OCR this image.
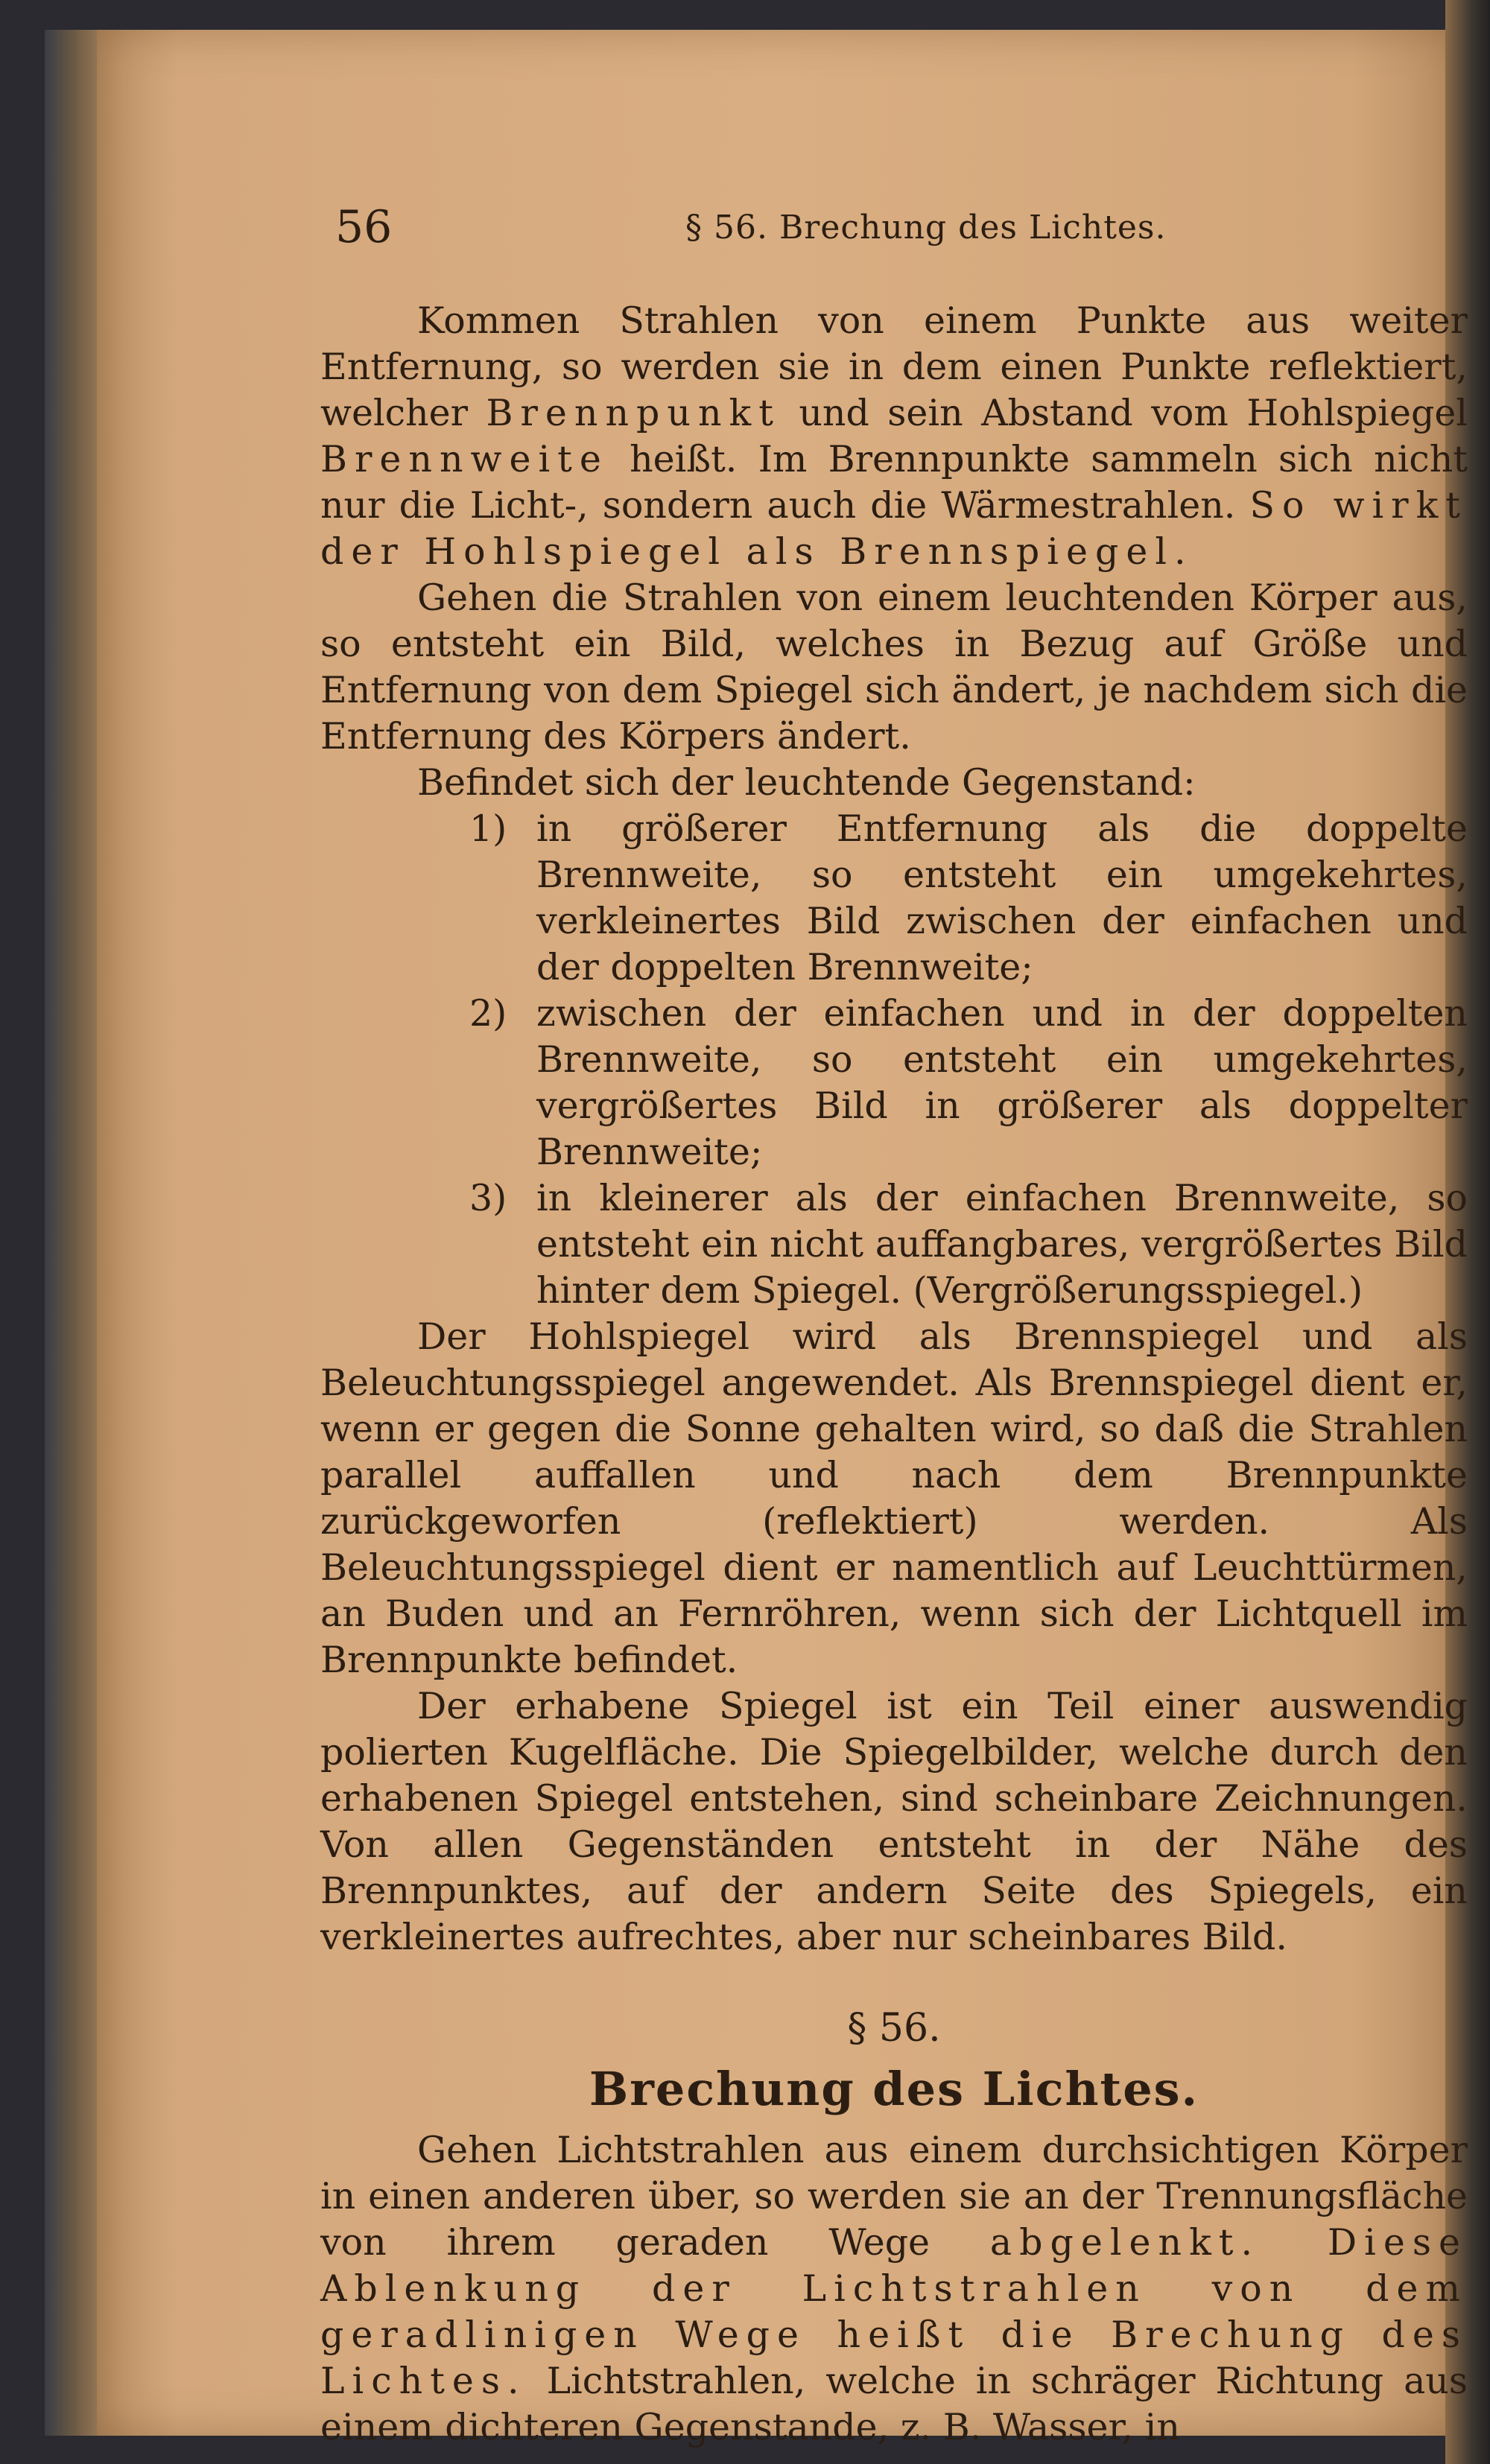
56	§ 56. Brechung des Lichtes.

Kommen Strahlen von einem Punkte aus weiter Entfernung, so werden sie in dem einen Punkte reflektiert, welcher Brennpunkt und sein Abstand vom Hohlspiegel Brennweite heißt. Im Brennpunkte sammeln sich nicht nur die Licht-, sondern auch die Wärmestrahlen. So wirkt der Hohlspiegel als Brennspiegel.

Gehen die Strahlen von einem leuchtenden Körper aus, so entsteht ein Bild, welches in Bezug auf Größe und Entfernung von dem Spiegel sich ändert, je nachdem sich die Entfernung des Körpers ändert.

Befindet sich der leuchtende Gegenstand:

1) in größerer Entfernung als die doppelte Brennweite, so entsteht ein umgekehrtes, verkleinertes Bild zwischen der einfachen und der doppelten Brennweite;
2) zwischen der einfachen und in der doppelten Brennweite, so entsteht ein umgekehrtes, vergrößertes Bild in größerer als doppelter Brennweite;
3) in kleinerer als der einfachen Brennweite, so entsteht ein nicht auffangbares, vergrößertes Bild hinter dem Spiegel. (Vergrößerungsspiegel.)

Der Hohlspiegel wird als Brennspiegel und als Beleuchtungsspiegel angewendet. Als Brennspiegel dient er, wenn er gegen die Sonne gehalten wird, so daß die Strahlen parallel auffallen und nach dem Brennpunkte zurückgeworfen (reflektiert) werden. Als Beleuchtungsspiegel dient er namentlich auf Leuchttürmen, an Buden und an Fernröhren, wenn sich der Lichtquell im Brennpunkte befindet.

Der erhabene Spiegel ist ein Teil einer auswendig polierten Kugelfläche. Die Spiegelbilder, welche durch den erhabenen Spiegel entstehen, sind scheinbare Zeichnungen. Von allen Gegenständen entsteht in der Nähe des Brennpunktes, auf der andern Seite des Spiegels, ein verkleinertes aufrechtes, aber nur scheinbares Bild.

§ 56.
Brechung des Lichtes.

Gehen Lichtstrahlen aus einem durchsichtigen Körper in einen anderen über, so werden sie an der Trennungsfläche von ihrem geraden Wege abgelenkt. Diese Ablenkung der Lichtstrahlen von dem geradlinigen Wege heißt die Brechung des Lichtes. Lichtstrahlen, welche in schräger Richtung aus einem dichteren Gegenstande, z. B. Wasser, in
